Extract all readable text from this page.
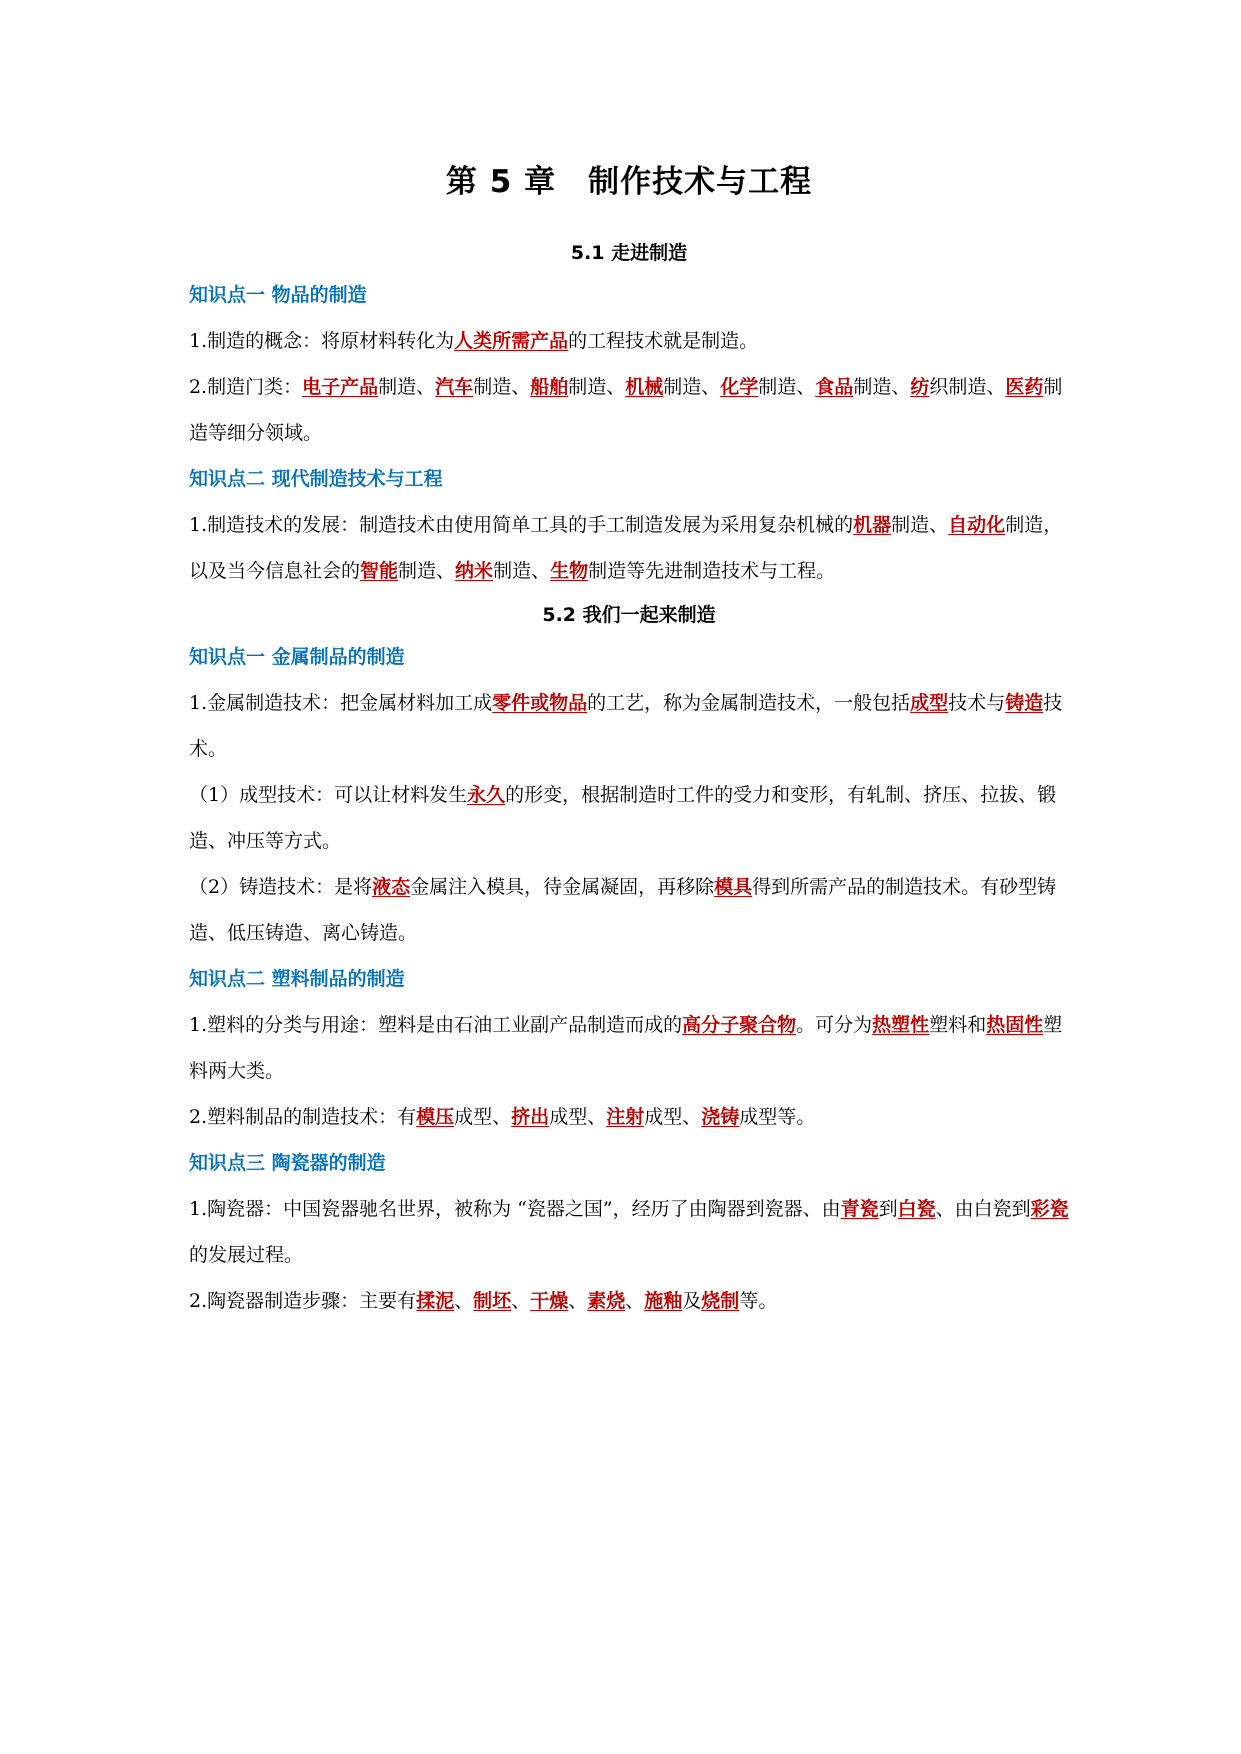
第 5 章　制作技术与工程
5.1 走进制造
知识点一 物品的制造

1.制造的概念：将原材料转化为人类所需产品的工程技术就是制造。

2.制造门类：电子产品制造、汽车制造、船舶制造、机械制造、化学制造、食品制造、纺织制造、医药制造等细分领域。

知识点二 现代制造技术与工程

1.制造技术的发展：制造技术由使用简单工具的手工制造发展为采用复杂机械的机器制造、自动化制造，以及当今信息社会的智能制造、纳米制造、生物制造等先进制造技术与工程。

5.2 我们一起来制造
知识点一 金属制品的制造

1.金属制造技术：把金属材料加工成零件或物品的工艺，称为金属制造技术，一般包括成型技术与铸造技术。

（1）成型技术：可以让材料发生永久的形变，根据制造时工件的受力和变形，有轧制、挤压、拉拔、锻造、冲压等方式。

（2）铸造技术：是将液态金属注入模具，待金属凝固，再移除模具得到所需产品的制造技术。有砂型铸造、低压铸造、离心铸造。

知识点二 塑料制品的制造

1.塑料的分类与用途：塑料是由石油工业副产品制造而成的高分子聚合物。可分为热塑性塑料和热固性塑料两大类。

2.塑料制品的制造技术：有模压成型、挤出成型、注射成型、浇铸成型等。

知识点三 陶瓷器的制造

1.陶瓷器：中国瓷器驰名世界，被称为 “瓷器之国”，经历了由陶器到瓷器、由青瓷到白瓷、由白瓷到彩瓷的发展过程。

2.陶瓷器制造步骤：主要有揉泥、制坯、干燥、素烧、施釉及烧制等。
